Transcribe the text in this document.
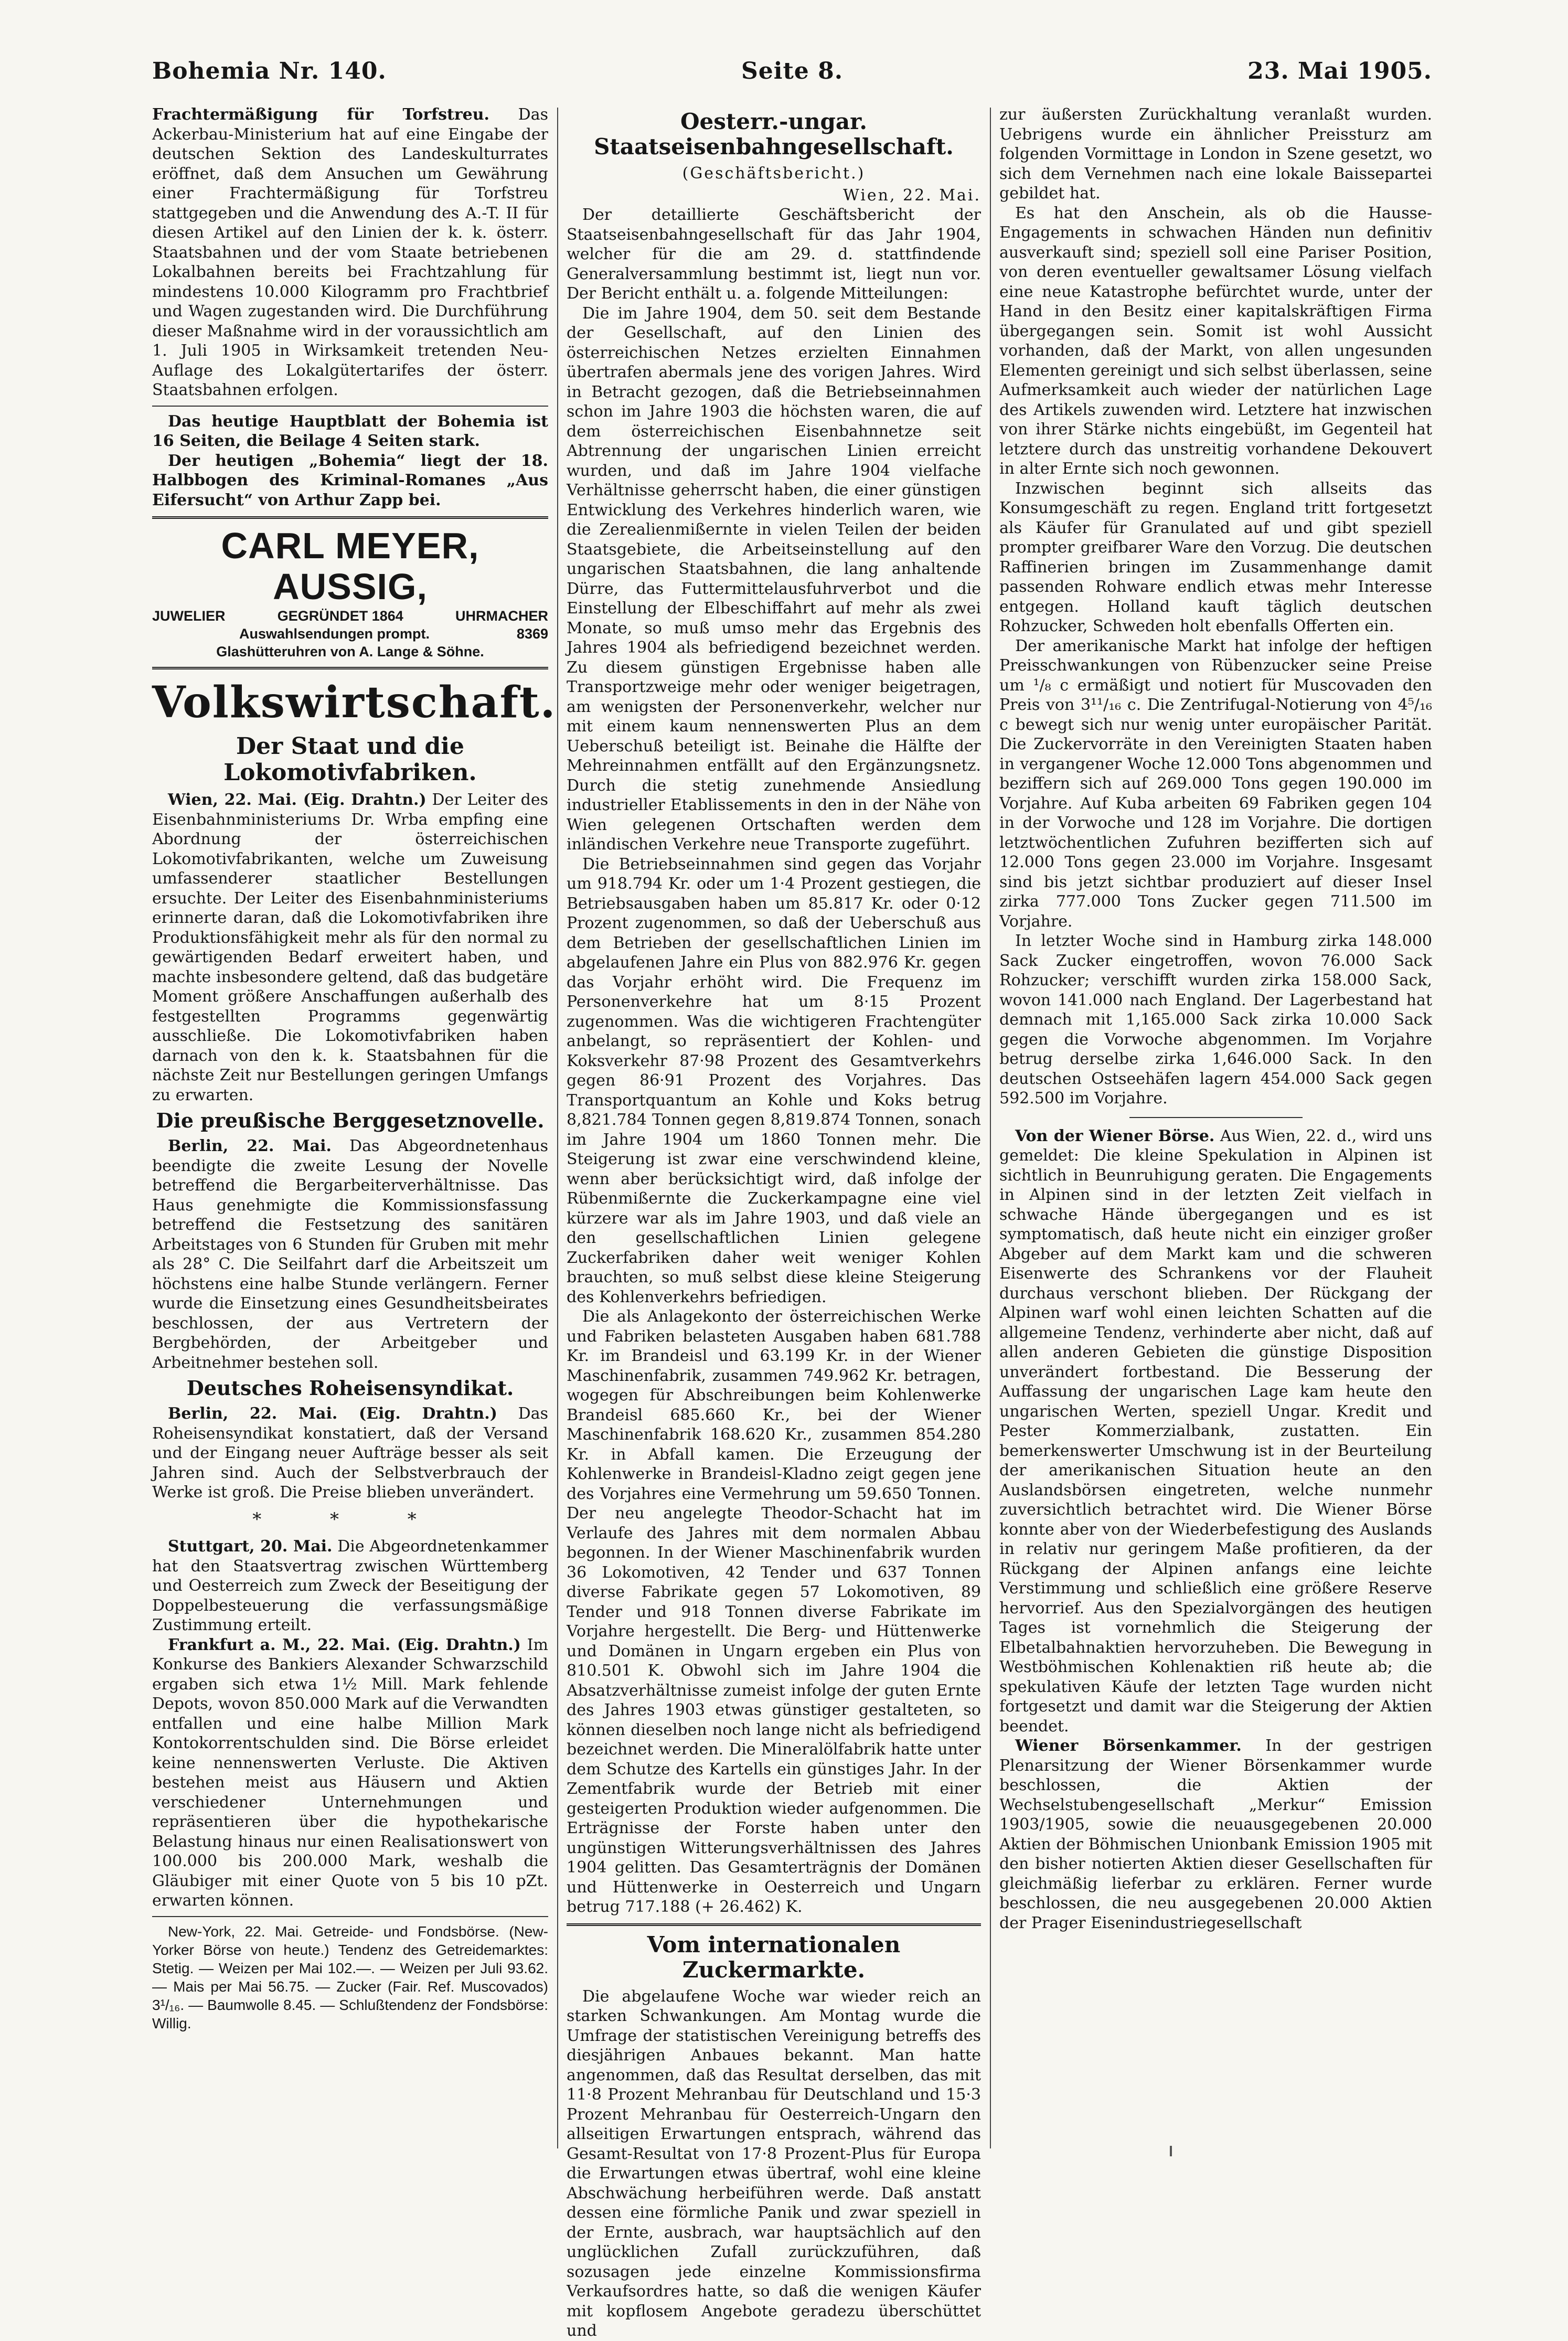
Seite 8.
Bohemia Nr. 140.	23. Mai 1905.

Frachtermäßigung für Torfstreu. Das Ackerbau-Ministerium hat auf eine Eingabe der deutschen Sektion des Landeskulturrates eröffnet, daß dem Ansuchen um Gewährung einer Frachtermäßigung für Torfstreu stattgegeben und die Anwendung des A.-T. II für diesen Artikel auf den Linien der k. k. österr. Staatsbahnen und der vom Staate betriebenen Lokalbahnen bereits bei Frachtzahlung für mindestens 10.000 Kilogramm pro Frachtbrief und Wagen zugestanden wird. Die Durchführung dieser Maßnahme wird in der voraussichtlich am 1. Juli 1905 in Wirksamkeit tretenden Neu-Auflage des Lokalgütertarifes der österr. Staatsbahnen erfolgen.

Das heutige Hauptblatt der Bohemia ist 16 Seiten, die Beilage 4 Seiten stark.

Der heutigen „Bohemia“ liegt der 18. Halbbogen des Kriminal-Romanes „Aus Eifersucht“ von Arthur Zapp bei.

CARL MEYER, AUSSIG,
JUWELIER	GEGRÜNDET 1864	UHRMACHER
Auswahlsendungen prompt.	8369
Glashütteruhren von A. Lange & Söhne.
Volkswirtschaft.
Der Staat und die Lokomotivfabriken.

Wien, 22. Mai. (Eig. Drahtn.) Der Leiter des Eisenbahnministeriums Dr. Wrba empfing eine Abordnung der österreichischen Lokomotivfabrikanten, welche um Zuweisung umfassenderer staatlicher Bestellungen ersuchte. Der Leiter des Eisenbahnministeriums erinnerte daran, daß die Lokomotivfabriken ihre Produktionsfähigkeit mehr als für den normal zu gewärtigenden Bedarf erweitert haben, und machte insbesondere geltend, daß das budgetäre Moment größere Anschaffungen außerhalb des festgestellten Programms gegenwärtig ausschließe. Die Lokomotivfabriken haben darnach von den k. k. Staatsbahnen für die nächste Zeit nur Bestellungen geringen Umfangs zu erwarten.

Die preußische Berggesetznovelle.

Berlin, 22. Mai. Das Abgeordnetenhaus beendigte die zweite Lesung der Novelle betreffend die Bergarbeiterverhältnisse. Das Haus genehmigte die Kommissionsfassung betreffend die Festsetzung des sanitären Arbeitstages von 6 Stunden für Gruben mit mehr als 28° C. Die Seilfahrt darf die Arbeitszeit um höchstens eine halbe Stunde verlängern. Ferner wurde die Einsetzung eines Gesundheitsbeirates beschlossen, der aus Vertretern der Bergbehörden, der Arbeitgeber und Arbeitnehmer bestehen soll.

Deutsches Roheisensyndikat.

Berlin, 22. Mai. (Eig. Drahtn.) Das Roheisensyndikat konstatiert, daß der Versand und der Eingang neuer Aufträge besser als seit Jahren sind. Auch der Selbstverbrauch der Werke ist groß. Die Preise blieben unverändert.

* * *

Stuttgart, 20. Mai. Die Abgeordnetenkammer hat den Staatsvertrag zwischen Württemberg und Oesterreich zum Zweck der Beseitigung der Doppelbesteuerung die verfassungsmäßige Zustimmung erteilt.

Frankfurt a. M., 22. Mai. (Eig. Drahtn.) Im Konkurse des Bankiers Alexander Schwarzschild ergaben sich etwa 1½ Mill. Mark fehlende Depots, wovon 850.000 Mark auf die Verwandten entfallen und eine halbe Million Mark Kontokorrentschulden sind. Die Börse erleidet keine nennenswerten Verluste. Die Aktiven bestehen meist aus Häusern und Aktien verschiedener Unternehmungen und repräsentieren über die hypothekarische Belastung hinaus nur einen Realisationswert von 100.000 bis 200.000 Mark, weshalb die Gläubiger mit einer Quote von 5 bis 10 pZt. erwarten können.

New-York, 22. Mai. Getreide- und Fondsbörse. (New-Yorker Börse von heute.) Tendenz des Getreidemarktes: Stetig. — Weizen per Mai 102.—. — Weizen per Juli 93.62. — Mais per Mai 56.75. — Zucker (Fair. Ref. Muscovados) 3¹/₁₆. — Baumwolle 8.45. — Schlußtendenz der Fondsbörse: Willig.

Oesterr.-ungar. Staatseisenbahngesellschaft.
(Geschäftsbericht.)
Wien, 22. Mai.

Der detaillierte Geschäftsbericht der Staatseisenbahngesellschaft für das Jahr 1904, welcher für die am 29. d. stattfindende Generalversammlung bestimmt ist, liegt nun vor. Der Bericht enthält u. a. folgende Mitteilungen:

Die im Jahre 1904, dem 50. seit dem Bestande der Gesellschaft, auf den Linien des österreichischen Netzes erzielten Einnahmen übertrafen abermals jene des vorigen Jahres. Wird in Betracht gezogen, daß die Betriebseinnahmen schon im Jahre 1903 die höchsten waren, die auf dem österreichischen Eisenbahnnetze seit Abtrennung der ungarischen Linien erreicht wurden, und daß im Jahre 1904 vielfache Verhältnisse geherrscht haben, die einer günstigen Entwicklung des Verkehres hinderlich waren, wie die Zerealienmißernte in vielen Teilen der beiden Staatsgebiete, die Arbeitseinstellung auf den ungarischen Staatsbahnen, die lang anhaltende Dürre, das Futtermittelausfuhrverbot und die Einstellung der Elbeschiffahrt auf mehr als zwei Monate, so muß umso mehr das Ergebnis des Jahres 1904 als befriedigend bezeichnet werden. Zu diesem günstigen Ergebnisse haben alle Transportzweige mehr oder weniger beigetragen, am wenigsten der Personenverkehr, welcher nur mit einem kaum nennenswerten Plus an dem Ueberschuß beteiligt ist. Beinahe die Hälfte der Mehreinnahmen entfällt auf den Ergänzungsnetz. Durch die stetig zunehmende Ansiedlung industrieller Etablissements in den in der Nähe von Wien gelegenen Ortschaften werden dem inländischen Verkehre neue Transporte zugeführt.

Die Betriebseinnahmen sind gegen das Vorjahr um 918.794 Kr. oder um 1·4 Prozent gestiegen, die Betriebsausgaben haben um 85.817 Kr. oder 0·12 Prozent zugenommen, so daß der Ueberschuß aus dem Betrieben der gesellschaftlichen Linien im abgelaufenen Jahre ein Plus von 882.976 Kr. gegen das Vorjahr erhöht wird. Die Frequenz im Personenverkehre hat um 8·15 Prozent zugenommen. Was die wichtigeren Frachtengüter anbelangt, so repräsentiert der Kohlen- und Koksverkehr 87·98 Prozent des Gesamtverkehrs gegen 86·91 Prozent des Vorjahres. Das Transportquantum an Kohle und Koks betrug 8,821.784 Tonnen gegen 8,819.874 Tonnen, sonach im Jahre 1904 um 1860 Tonnen mehr. Die Steigerung ist zwar eine verschwindend kleine, wenn aber berücksichtigt wird, daß infolge der Rübenmißernte die Zuckerkampagne eine viel kürzere war als im Jahre 1903, und daß viele an den gesellschaftlichen Linien gelegene Zuckerfabriken daher weit weniger Kohlen brauchten, so muß selbst diese kleine Steigerung des Kohlenverkehrs befriedigen.

Die als Anlagekonto der österreichischen Werke und Fabriken belasteten Ausgaben haben 681.788 Kr. im Brandeisl und 63.199 Kr. in der Wiener Maschinenfabrik, zusammen 749.962 Kr. betragen, wogegen für Abschreibungen beim Kohlenwerke Brandeisl 685.660 Kr., bei der Wiener Maschinenfabrik 168.620 Kr., zusammen 854.280 Kr. in Abfall kamen. Die Erzeugung der Kohlenwerke in Brandeisl-Kladno zeigt gegen jene des Vorjahres eine Vermehrung um 59.650 Tonnen. Der neu angelegte Theodor-Schacht hat im Verlaufe des Jahres mit dem normalen Abbau begonnen. In der Wiener Maschinenfabrik wurden 36 Lokomotiven, 42 Tender und 637 Tonnen diverse Fabrikate gegen 57 Lokomotiven, 89 Tender und 918 Tonnen diverse Fabrikate im Vorjahre hergestellt. Die Berg- und Hüttenwerke und Domänen in Ungarn ergeben ein Plus von 810.501 K. Obwohl sich im Jahre 1904 die Absatzverhältnisse zumeist infolge der guten Ernte des Jahres 1903 etwas günstiger gestalteten, so können dieselben noch lange nicht als befriedigend bezeichnet werden. Die Mineralölfabrik hatte unter dem Schutze des Kartells ein günstiges Jahr. In der Zementfabrik wurde der Betrieb mit einer gesteigerten Produktion wieder aufgenommen. Die Erträgnisse der Forste haben unter den ungünstigen Witterungsverhältnissen des Jahres 1904 gelitten. Das Gesamterträgnis der Domänen und Hüttenwerke in Oesterreich und Ungarn betrug 717.188 (+ 26.462) K.

Vom internationalen Zuckermarkte.

Die abgelaufene Woche war wieder reich an starken Schwankungen. Am Montag wurde die Umfrage der statistischen Vereinigung betreffs des diesjährigen Anbaues bekannt. Man hatte angenommen, daß das Resultat derselben, das mit 11·8 Prozent Mehranbau für Deutschland und 15·3 Prozent Mehranbau für Oesterreich-Ungarn den allseitigen Erwartungen entsprach, während das Gesamt-Resultat von 17·8 Prozent-Plus für Europa die Erwartungen etwas übertraf, wohl eine kleine Abschwächung herbeiführen werde. Daß anstatt dessen eine förmliche Panik und zwar speziell in der Ernte, ausbrach, war hauptsächlich auf den unglücklichen Zufall zurückzuführen, daß sozusagen jede einzelne Kommissionsfirma Verkaufsordres hatte, so daß die wenigen Käufer mit kopflosem Angebote geradezu überschüttet und

zur äußersten Zurückhaltung veranlaßt wurden. Uebrigens wurde ein ähnlicher Preissturz am folgenden Vormittage in London in Szene gesetzt, wo sich dem Vernehmen nach eine lokale Baissepartei gebildet hat.

Es hat den Anschein, als ob die Hausse-Engagements in schwachen Händen nun definitiv ausverkauft sind; speziell soll eine Pariser Position, von deren eventueller gewaltsamer Lösung vielfach eine neue Katastrophe befürchtet wurde, unter der Hand in den Besitz einer kapitalskräftigen Firma übergegangen sein. Somit ist wohl Aussicht vorhanden, daß der Markt, von allen ungesunden Elementen gereinigt und sich selbst überlassen, seine Aufmerksamkeit auch wieder der natürlichen Lage des Artikels zuwenden wird. Letztere hat inzwischen von ihrer Stärke nichts eingebüßt, im Gegenteil hat letztere durch das unstreitig vorhandene Dekouvert in alter Ernte sich noch gewonnen.

Inzwischen beginnt sich allseits das Konsumgeschäft zu regen. England tritt fortgesetzt als Käufer für Granulated auf und gibt speziell prompter greifbarer Ware den Vorzug. Die deutschen Raffinerien bringen im Zusammenhange damit passenden Rohware endlich etwas mehr Interesse entgegen. Holland kauft täglich deutschen Rohzucker, Schweden holt ebenfalls Offerten ein.

Der amerikanische Markt hat infolge der heftigen Preisschwankungen von Rübenzucker seine Preise um ¹/₈ c ermäßigt und notiert für Muscovaden den Preis von 3¹¹/₁₆ c. Die Zentrifugal-Notierung von 4⁵/₁₆ c bewegt sich nur wenig unter europäischer Parität. Die Zuckervorräte in den Vereinigten Staaten haben in vergangener Woche 12.000 Tons abgenommen und beziffern sich auf 269.000 Tons gegen 190.000 im Vorjahre. Auf Kuba arbeiten 69 Fabriken gegen 104 in der Vorwoche und 128 im Vorjahre. Die dortigen letztwöchentlichen Zufuhren bezifferten sich auf 12.000 Tons gegen 23.000 im Vorjahre. Insgesamt sind bis jetzt sichtbar produziert auf dieser Insel zirka 777.000 Tons Zucker gegen 711.500 im Vorjahre.

In letzter Woche sind in Hamburg zirka 148.000 Sack Zucker eingetroffen, wovon 76.000 Sack Rohzucker; verschifft wurden zirka 158.000 Sack, wovon 141.000 nach England. Der Lagerbestand hat demnach mit 1,165.000 Sack zirka 10.000 Sack gegen die Vorwoche abgenommen. Im Vorjahre betrug derselbe zirka 1,646.000 Sack. In den deutschen Ostseehäfen lagern 454.000 Sack gegen 592.500 im Vorjahre.

Von der Wiener Börse. Aus Wien, 22. d., wird uns gemeldet: Die kleine Spekulation in Alpinen ist sichtlich in Beunruhigung geraten. Die Engagements in Alpinen sind in der letzten Zeit vielfach in schwache Hände übergegangen und es ist symptomatisch, daß heute nicht ein einziger großer Abgeber auf dem Markt kam und die schweren Eisenwerte des Schrankens vor der Flauheit durchaus verschont blieben. Der Rückgang der Alpinen warf wohl einen leichten Schatten auf die allgemeine Tendenz, verhinderte aber nicht, daß auf allen anderen Gebieten die günstige Disposition unverändert fortbestand. Die Besserung der Auffassung der ungarischen Lage kam heute den ungarischen Werten, speziell Ungar. Kredit und Pester Kommerzialbank, zustatten. Ein bemerkenswerter Umschwung ist in der Beurteilung der amerikanischen Situation heute an den Auslandsbörsen eingetreten, welche nunmehr zuversichtlich betrachtet wird. Die Wiener Börse konnte aber von der Wiederbefestigung des Auslands in relativ nur geringem Maße profitieren, da der Rückgang der Alpinen anfangs eine leichte Verstimmung und schließlich eine größere Reserve hervorrief. Aus den Spezialvorgängen des heutigen Tages ist vornehmlich die Steigerung der Elbetalbahnaktien hervorzuheben. Die Bewegung in Westböhmischen Kohlenaktien riß heute ab; die spekulativen Käufe der letzten Tage wurden nicht fortgesetzt und damit war die Steigerung der Aktien beendet.

Wiener Börsenkammer. In der gestrigen Plenarsitzung der Wiener Börsenkammer wurde beschlossen, die Aktien der Wechselstubengesellschaft „Merkur“ Emission 1903/1905, sowie die neuausgegebenen 20.000 Aktien der Böhmischen Unionbank Emission 1905 mit den bisher notierten Aktien dieser Gesellschaften für gleichmäßig lieferbar zu erklären. Ferner wurde beschlossen, die neu ausgegebenen 20.000 Aktien der Prager Eisenindustriegesellschaft
